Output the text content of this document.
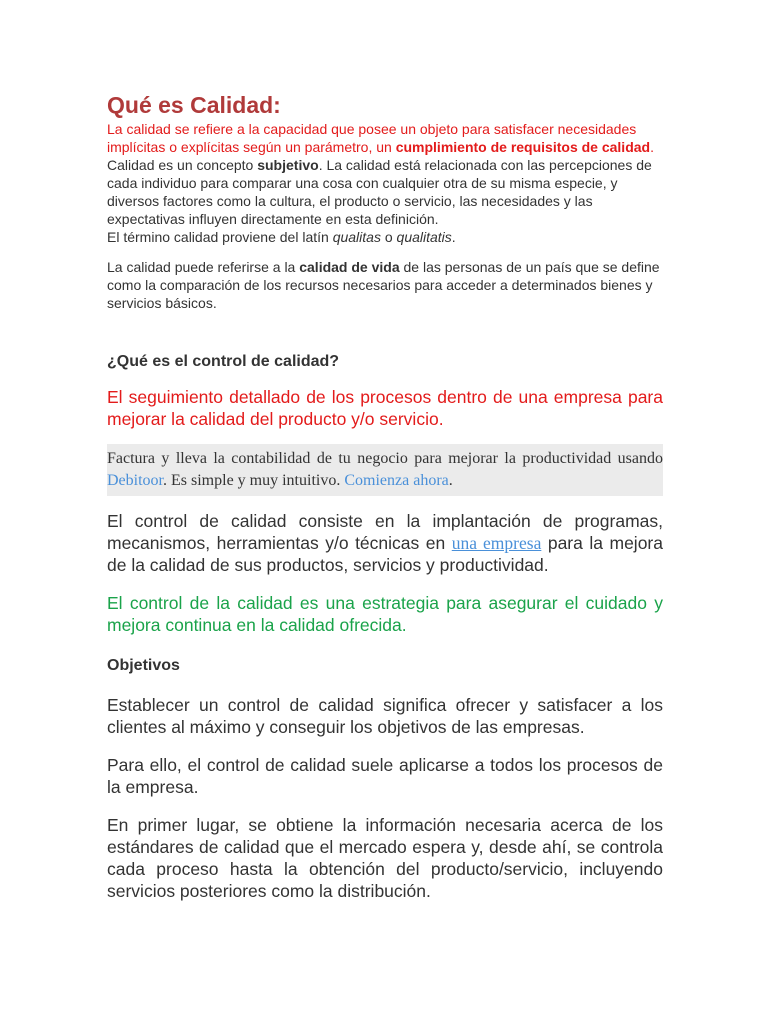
Qué es Calidad:

La calidad se refiere a la capacidad que posee un objeto para satisfacer necesidades implícitas o explícitas según un parámetro, un cumplimiento de requisitos de calidad.

Calidad es un concepto subjetivo. La calidad está relacionada con las percepciones de cada individuo para comparar una cosa con cualquier otra de su misma especie, y diversos factores como la cultura, el producto o servicio, las necesidades y las expectativas influyen directamente en esta definición.

El término calidad proviene del latín qualitas o qualitatis.

La calidad puede referirse a la calidad de vida de las personas de un país que se define como la comparación de los recursos necesarios para acceder a determinados bienes y servicios básicos.

¿Qué es el control de calidad?

El seguimiento detallado de los procesos dentro de una empresa para mejorar la calidad del producto y/o servicio.

Factura y lleva la contabilidad de tu negocio para mejorar la productividad usando Debitoor. Es simple y muy intuitivo. Comienza ahora.

El control de calidad consiste en la implantación de programas, mecanismos, herramientas y/o técnicas en una empresa para la mejora de la calidad de sus productos, servicios y productividad.

El control de la calidad es una estrategia para asegurar el cuidado y mejora continua en la calidad ofrecida.

Objetivos

Establecer un control de calidad significa ofrecer y satisfacer a los clientes al máximo y conseguir los objetivos de las empresas.

Para ello, el control de calidad suele aplicarse a todos los procesos de la empresa.

En primer lugar, se obtiene la información necesaria acerca de los estándares de calidad que el mercado espera y, desde ahí, se controla cada proceso hasta la obtención del producto/servicio, incluyendo servicios posteriores como la distribución.
